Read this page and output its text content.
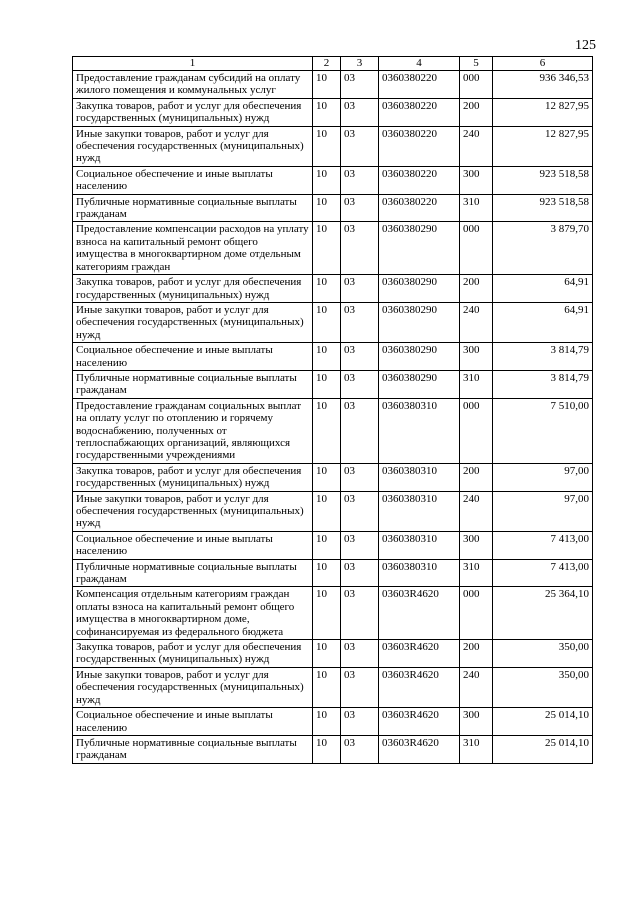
125
1	2	3	4	5	6
Предоставление гражданам субсидий на оплату жилого помещения и коммунальных услуг	10	03	0360380220	000	936 346,53
Закупка товаров, работ и услуг для обеспечения государственных (муниципальных) нужд	10	03	0360380220	200	12 827,95
Иные закупки товаров, работ и услуг для обеспечения государственных (муниципальных) нужд	10	03	0360380220	240	12 827,95
Социальное обеспечение и иные выплаты населению	10	03	0360380220	300	923 518,58
Публичные нормативные социальные выплаты гражданам	10	03	0360380220	310	923 518,58
Предоставление компенсации расходов на уплату взноса на капитальный ремонт общего имущества в многоквартирном доме отдельным категориям граждан	10	03	0360380290	000	3 879,70
Закупка товаров, работ и услуг для обеспечения государственных (муниципальных) нужд	10	03	0360380290	200	64,91
Иные закупки товаров, работ и услуг для обеспечения государственных (муниципальных) нужд	10	03	0360380290	240	64,91
Социальное обеспечение и иные выплаты населению	10	03	0360380290	300	3 814,79
Публичные нормативные социальные выплаты гражданам	10	03	0360380290	310	3 814,79
Предоставление гражданам социальных выплат на оплату услуг по отоплению и горячему водоснабжению, полученных от теплоспабжающих организаций, являющихся государственными учреждениями	10	03	0360380310	000	7 510,00
Закупка товаров, работ и услуг для обеспечения государственных (муниципальных) нужд	10	03	0360380310	200	97,00
Иные закупки товаров, работ и услуг для обеспечения государственных (муниципальных) нужд	10	03	0360380310	240	97,00
Социальное обеспечение и иные выплаты населению	10	03	0360380310	300	7 413,00
Публичные нормативные социальные выплаты гражданам	10	03	0360380310	310	7 413,00
Компенсация отдельным категориям граждан оплаты взноса на капитальный ремонт общего имущества в многоквартирном доме, софинансируемая из федерального бюджета	10	03	03603R4620	000	25 364,10
Закупка товаров, работ и услуг для обеспечения государственных (муниципальных) нужд	10	03	03603R4620	200	350,00
Иные закупки товаров, работ и услуг для обеспечения государственных (муниципальных) нужд	10	03	03603R4620	240	350,00
Социальное обеспечение и иные выплаты населению	10	03	03603R4620	300	25 014,10
Публичные нормативные социальные выплаты гражданам	10	03	03603R4620	310	25 014,10
